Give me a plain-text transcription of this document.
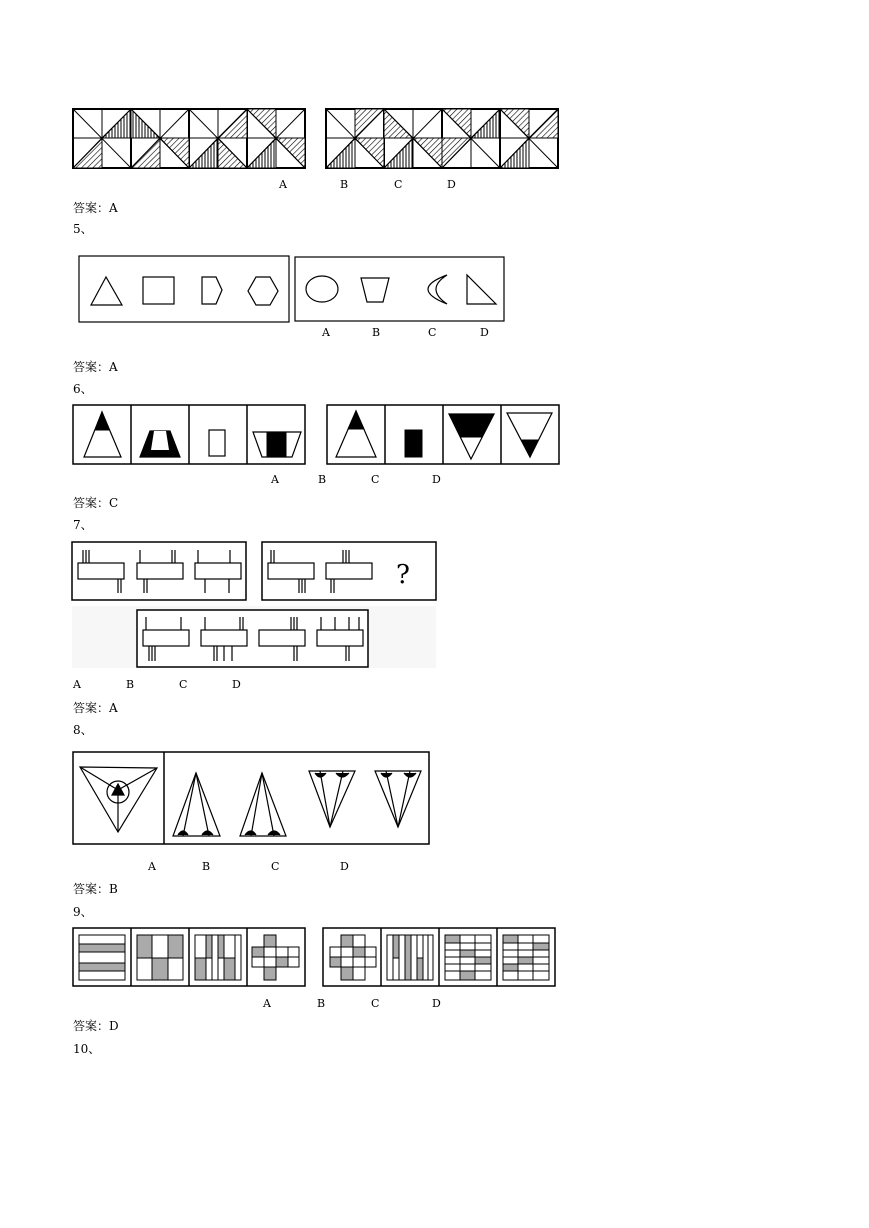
A	B	C	D
答案：A
5、
A	B	C	D
答案：A
6、
A	B	C	D
答案：C
7、
?
A	B	C	D
答案：A
8、
A	B	C	D
答案：B
9、
A	B	C	D
答案：D
10、
